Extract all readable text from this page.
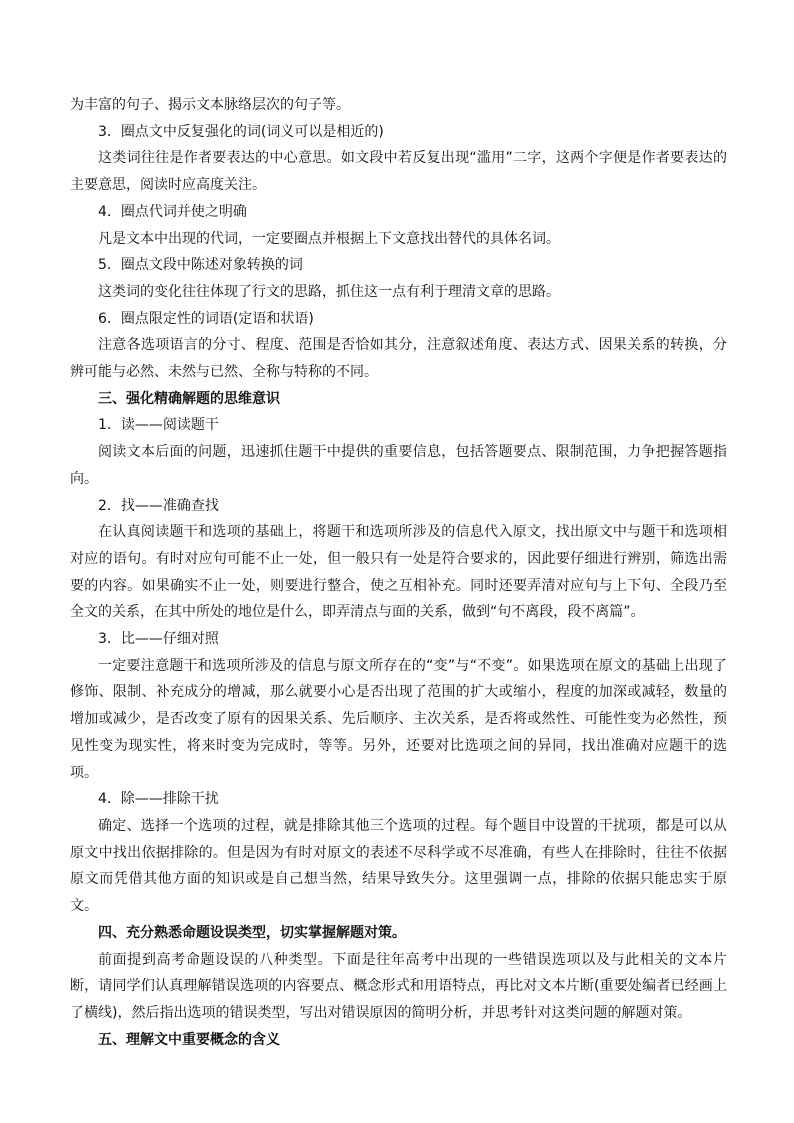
为丰富的句子、揭示文本脉络层次的句子等。

3．圈点文中反复强化的词(词义可以是相近的)

这类词往往是作者要表达的中心意思。如文段中若反复出现“滥用”二字，这两个字便是作者要表达的主要意思，阅读时应高度关注。

4．圈点代词并使之明确

凡是文本中出现的代词，一定要圈点并根据上下文意找出替代的具体名词。

5．圈点文段中陈述对象转换的词

这类词的变化往往体现了行文的思路，抓住这一点有利于理清文章的思路。

6．圈点限定性的词语(定语和状语)

注意各选项语言的分寸、程度、范围是否恰如其分，注意叙述角度、表达方式、因果关系的转换，分辨可能与必然、未然与已然、全称与特称的不同。

三、强化精确解题的思维意识

1．读——阅读题干

阅读文本后面的问题，迅速抓住题干中提供的重要信息，包括答题要点、限制范围，力争把握答题指向。

2．找——准确查找

在认真阅读题干和选项的基础上，将题干和选项所涉及的信息代入原文，找出原文中与题干和选项相对应的语句。有时对应句可能不止一处，但一般只有一处是符合要求的，因此要仔细进行辨别，筛选出需要的内容。如果确实不止一处，则要进行整合，使之互相补充。同时还要弄清对应句与上下句、全段乃至全文的关系，在其中所处的地位是什么，即弄清点与面的关系，做到“句不离段，段不离篇”。

3．比——仔细对照

一定要注意题干和选项所涉及的信息与原文所存在的“变”与“不变”。如果选项在原文的基础上出现了修饰、限制、补充成分的增减，那么就要小心是否出现了范围的扩大或缩小，程度的加深或减轻，数量的增加或减少，是否改变了原有的因果关系、先后顺序、主次关系，是否将或然性、可能性变为必然性，预见性变为现实性，将来时变为完成时，等等。另外，还要对比选项之间的异同，找出准确对应题干的选项。

4．除——排除干扰

确定、选择一个选项的过程，就是排除其他三个选项的过程。每个题目中设置的干扰项，都是可以从原文中找出依据排除的。但是因为有时对原文的表述不尽科学或不尽准确，有些人在排除时，往往不依据原文而凭借其他方面的知识或是自己想当然，结果导致失分。这里强调一点，排除的依据只能忠实于原文。

四、充分熟悉命题设误类型，切实掌握解题对策。

前面提到高考命题设误的八种类型。下面是往年高考中出现的一些错误选项以及与此相关的文本片断，请同学们认真理解错误选项的内容要点、概念形式和用语特点，再比对文本片断(重要处编者已经画上了横线)，然后指出选项的错误类型，写出对错误原因的简明分析，并思考针对这类问题的解题对策。

五、理解文中重要概念的含义
